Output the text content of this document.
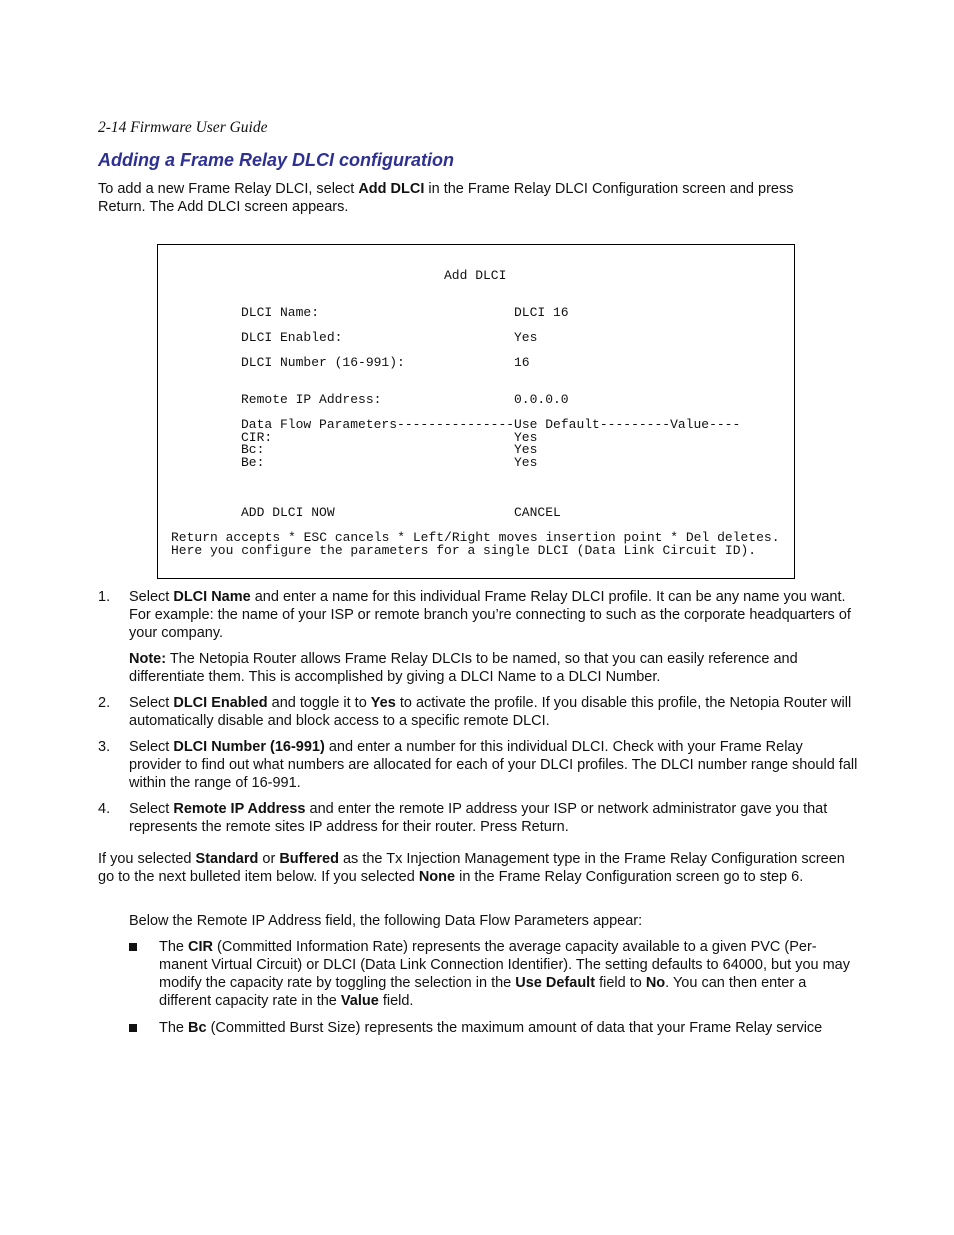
2-14 Firmware User Guide
Adding a Frame Relay DLCI configuration
To add a new Frame Relay DLCI, select Add DLCI in the Frame Relay DLCI Configuration screen and press Return. The Add DLCI screen appears.
Add DLCI
DLCI Name:	DLCI 16
DLCI Enabled:	Yes
DLCI Number (16-991):	16
Remote IP Address:	0.0.0.0
Data Flow Parameters---------------Use Default---------Value----
CIR:	Yes
Bc:	Yes
Be:	Yes
ADD DLCI NOW	CANCEL
Return accepts * ESC cancels * Left/Right moves insertion point * Del deletes.
Here you configure the parameters for a single DLCI (Data Link Circuit ID).
1. Select DLCI Name and enter a name for this individual Frame Relay DLCI profile. It can be any name you want. For example: the name of your ISP or remote branch you’re connecting to such as the corporate headquarters of your company.
Note: The Netopia Router allows Frame Relay DLCIs to be named, so that you can easily reference and differentiate them. This is accomplished by giving a DLCI Name to a DLCI Number.
2. Select DLCI Enabled and toggle it to Yes to activate the profile. If you disable this profile, the Netopia Router will automatically disable and block access to a specific remote DLCI.
3. Select DLCI Number (16-991) and enter a number for this individual DLCI. Check with your Frame Relay provider to find out what numbers are allocated for each of your DLCI profiles. The DLCI number range should fall within the range of 16-991.
4. Select Remote IP Address and enter the remote IP address your ISP or network administrator gave you that represents the remote sites IP address for their router. Press Return.
If you selected Standard or Buffered as the Tx Injection Management type in the Frame Relay Configuration screen go to the next bulleted item below. If you selected None in the Frame Relay Configuration screen go to step 6.
Below the Remote IP Address field, the following Data Flow Parameters appear:
The CIR (Committed Information Rate) represents the average capacity available to a given PVC (Per-manent Virtual Circuit) or DLCI (Data Link Connection Identifier). The setting defaults to 64000, but you may modify the capacity rate by toggling the selection in the Use Default field to No. You can then enter a different capacity rate in the Value field.
The Bc (Committed Burst Size) represents the maximum amount of data that your Frame Relay service
